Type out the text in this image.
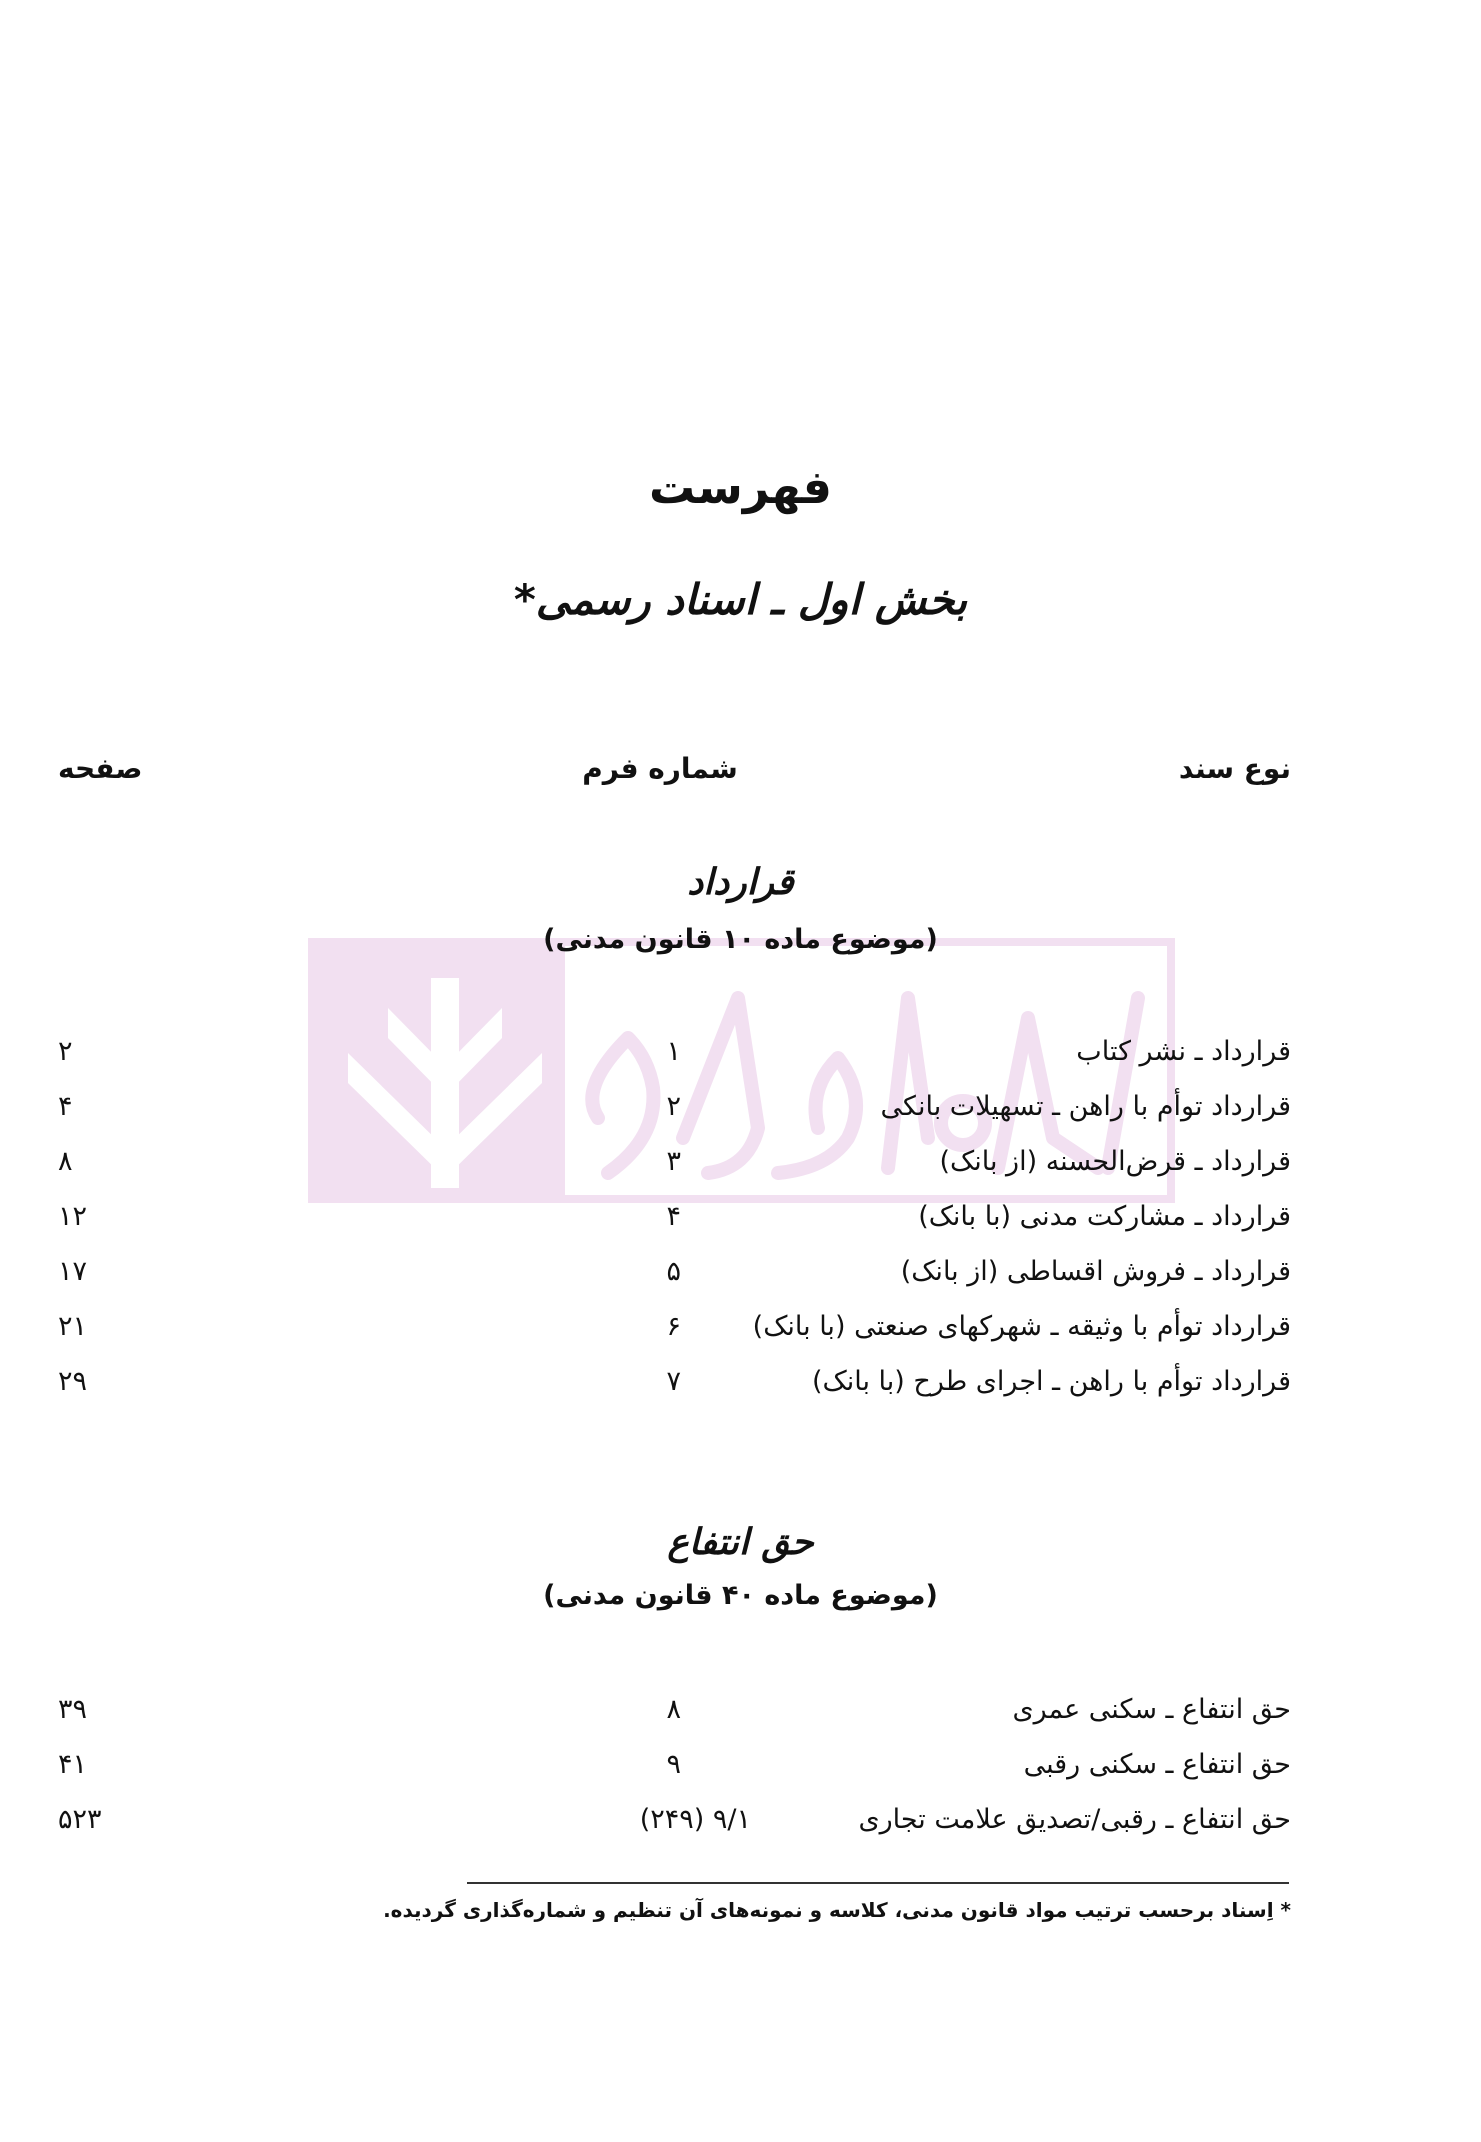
فهرست
بخش اول ـ اسناد رسمی*
نوع سند
شماره فرم
صفحه
قرارداد
(موضوع ماده ۱۰ قانون مدنی)
قرارداد ـ نشر کتاب
۱
۲
قرارداد توأم با راهن ـ تسهیلات بانکی
۲
۴
قرارداد ـ قرض‌الحسنه (از بانک)
۳
۸
قرارداد ـ مشارکت مدنی (با بانک)
۴
۱۲
قرارداد ـ فروش اقساطی (از بانک)
۵
۱۷
قرارداد توأم با وثیقه ـ شهرکهای صنعتی (با بانک)
۶
۲۱
قرارداد توأم با راهن ـ اجرای طرح (با بانک)
۷
۲۹
حق انتفاع
(موضوع ماده ۴۰ قانون مدنی)
حق انتفاع ـ سکنی عمری
۸
۳۹
حق انتفاع ـ سکنی رقبی
۹
۴۱
حق انتفاع ـ رقبی/تصدیق علامت تجاری
۹/۱ (۲۴۹)
۵۲۳
* اِسناد برحسب ترتیب مواد قانون مدنی، کلاسه و نمونه‌های آن تنظیم و شماره‌گذاری گردیده.
